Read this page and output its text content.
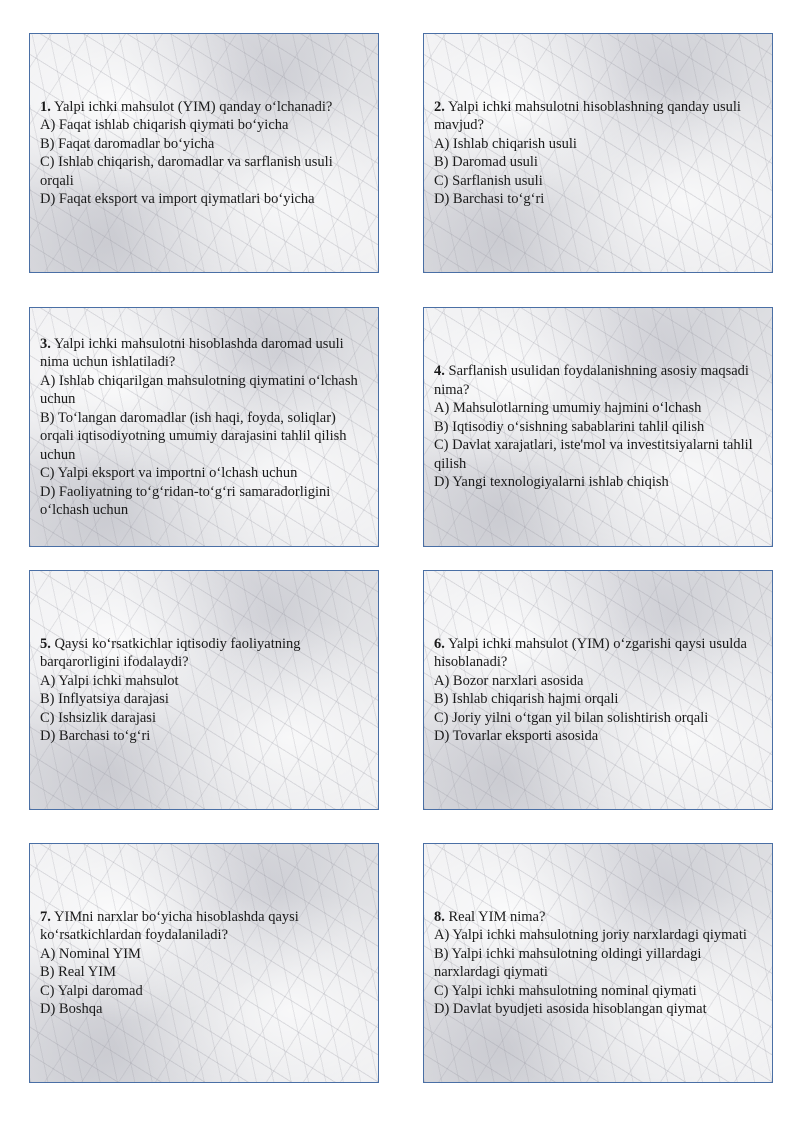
1. Yalpi ichki mahsulot (YIM) qanday o‘lchanadi?
A) Faqat ishlab chiqarish qiymati bo‘yicha
B) Faqat daromadlar bo‘yicha
C) Ishlab chiqarish, daromadlar va sarflanish usuli orqali
D) Faqat eksport va import qiymatlari bo‘yicha
2. Yalpi ichki mahsulotni hisoblashning qanday usuli mavjud?
A) Ishlab chiqarish usuli
B) Daromad usuli
C) Sarflanish usuli
D) Barchasi to‘g‘ri
3. Yalpi ichki mahsulotni hisoblashda daromad usuli nima uchun ishlatiladi?
A) Ishlab chiqarilgan mahsulotning qiymatini o‘lchash uchun
B) To‘langan daromadlar (ish haqi, foyda, soliqlar) orqali iqtisodiyotning umumiy darajasini tahlil qilish uchun
C) Yalpi eksport va importni o‘lchash uchun
D) Faoliyatning to‘g‘ridan-to‘g‘ri samaradorligini o‘lchash uchun
4. Sarflanish usulidan foydalanishning asosiy maqsadi nima?
A) Mahsulotlarning umumiy hajmini o‘lchash
B) Iqtisodiy o‘sishning sabablarini tahlil qilish
C) Davlat xarajatlari, iste'mol va investitsiyalarni tahlil qilish
D) Yangi texnologiyalarni ishlab chiqish
5. Qaysi ko‘rsatkichlar iqtisodiy faoliyatning barqarorligini ifodalaydi?
A) Yalpi ichki mahsulot
B) Inflyatsiya darajasi
C) Ishsizlik darajasi
D) Barchasi to‘g‘ri
6. Yalpi ichki mahsulot (YIM) o‘zgarishi qaysi usulda hisoblanadi?
A) Bozor narxlari asosida
B) Ishlab chiqarish hajmi orqali
C) Joriy yilni o‘tgan yil bilan solishtirish orqali
D) Tovarlar eksporti asosida
7. YIMni narxlar bo‘yicha hisoblashda qaysi ko‘rsatkichlardan foydalaniladi?
A) Nominal YIM
B) Real YIM
C) Yalpi daromad
D) Boshqa
8. Real YIM nima?
A) Yalpi ichki mahsulotning joriy narxlardagi qiymati
B) Yalpi ichki mahsulotning oldingi yillardagi narxlardagi qiymati
C) Yalpi ichki mahsulotning nominal qiymati
D) Davlat byudjeti asosida hisoblangan qiymat
